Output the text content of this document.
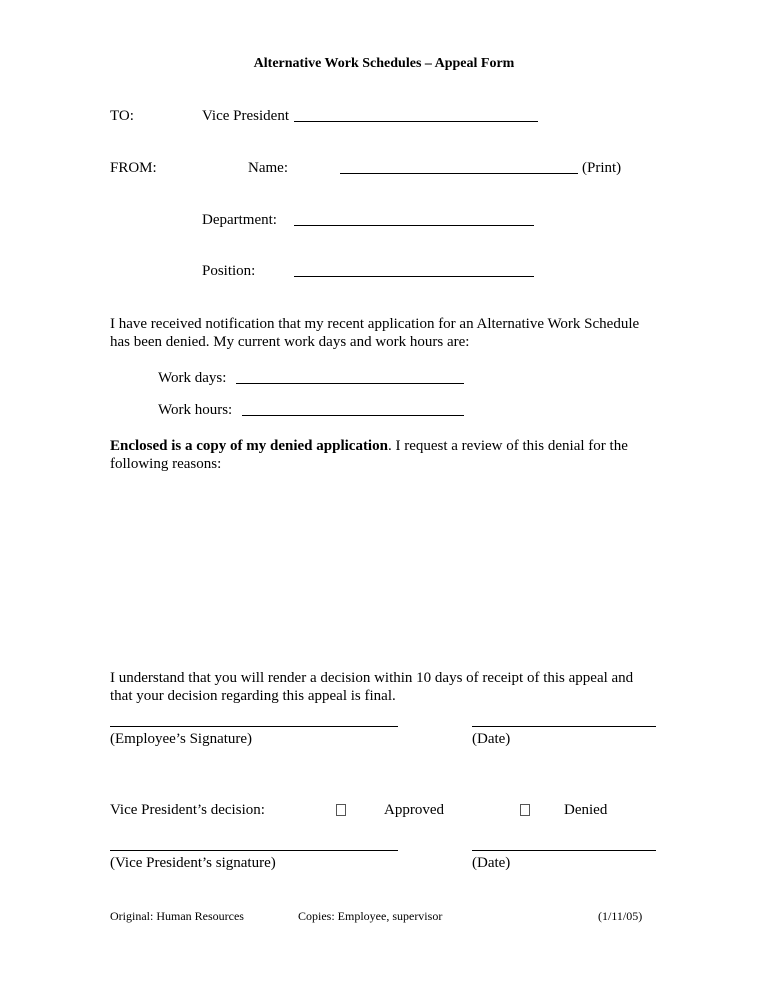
Alternative Work Schedules – Appeal Form
TO:	Vice President
FROM:	Name:	(Print)
Department:
Position:
I have received notification that my recent application for an Alternative Work Schedule
has been denied. My current work days and work hours are:
Work days:
Work hours:
Enclosed is a copy of my denied application. I request a review of this denial for the
following reasons:
I understand that you will render a decision within 10 days of receipt of this appeal and
that your decision regarding this appeal is final.
(Employee’s Signature)	(Date)
Vice President’s decision:	Approved	Denied
(Vice President’s signature)	(Date)
Original: Human Resources	Copies: Employee, supervisor	(1/11/05)
